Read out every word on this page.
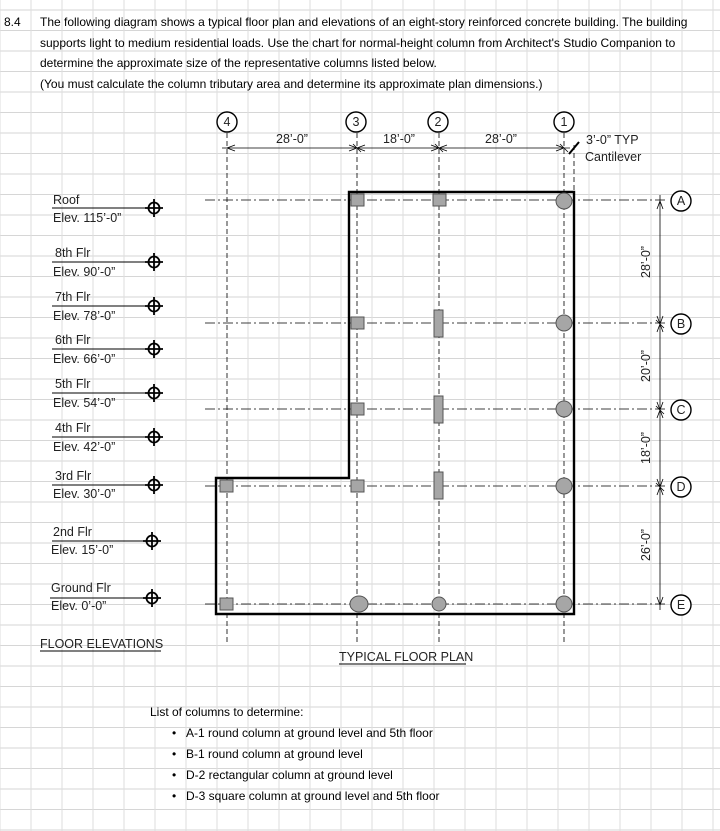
8.4 The following diagram shows a typical floor plan and elevations of an eight-story reinforced concrete building. The building
supports light to medium residential loads. Use the chart for normal-height column from Architect's Studio Companion to
determine the approximate size of the representative columns listed below.
(You must calculate the column tributary area and determine its approximate plan dimensions.)
Roof
Elev. 115’-0”
8th Flr
Elev. 90’-0”
7th Flr
Elev. 78’-0”
6th Flr
Elev. 66’-0”
5th Flr
Elev. 54’-0”
4th Flr
Elev. 42’-0”
3rd Flr
Elev. 30’-0”
2nd Flr
Elev. 15’-0”
Ground Flr
Elev. 0’-0”
FLOOR ELEVATIONS
4	3	2	1
A
B
C
D
E
28’-0”	18’-0”	28’-0”	3’-0” TYP
Cantilever
28’-0”
20’-0”
18’-0”
26’-0”
TYPICAL FLOOR PLAN
List of columns to determine:
• A-1 round column at ground level and 5th floor
• B-1 round column at ground level
• D-2 rectangular column at ground level
• D-3 square column at ground level and 5th floor
